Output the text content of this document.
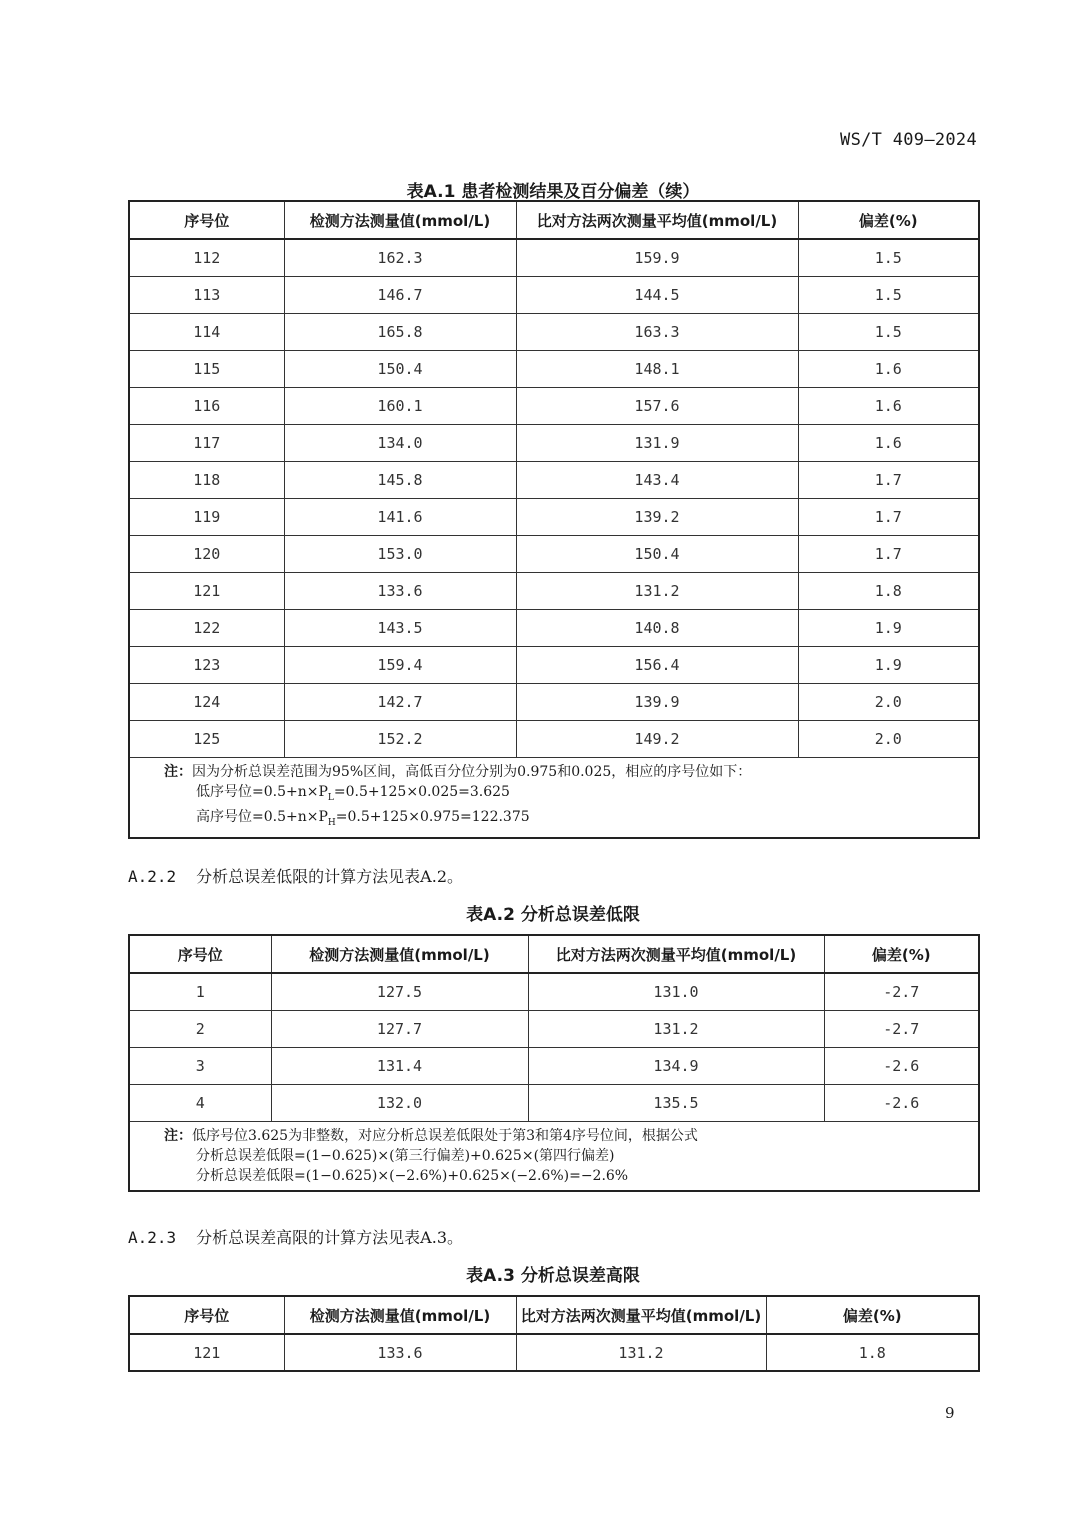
WS/T 409—2024
表A.1 患者检测结果及百分偏差（续）
序号位	检测方法测量值(mmol/L)	比对方法两次测量平均值(mmol/L)	偏差(%)
112	162.3	159.9	1.5
113	146.7	144.5	1.5
114	165.8	163.3	1.5
115	150.4	148.1	1.6
116	160.1	157.6	1.6
117	134.0	131.9	1.6
118	145.8	143.4	1.7
119	141.6	139.2	1.7
120	153.0	150.4	1.7
121	133.6	131.2	1.8
122	143.5	140.8	1.9
123	159.4	156.4	1.9
124	142.7	139.9	2.0
125	152.2	149.2	2.0

注：因为分析总误差范围为95%区间，高低百分位分别为0.975和0.025，相应的序号位如下：
低序号位$=0.5+n\times P_L=0.5+125\times 0.025=3.625$
高序号位$=0.5+n\times P_H=0.5+125\times 0.975=122.375$			
A.2.2 分析总误差低限的计算方法见表A.2。
表A.2 分析总误差低限
序号位	检测方法测量值(mmol/L)	比对方法两次测量平均值(mmol/L)	偏差(%)
1	127.5	131.0	-2.7
2	127.7	131.2	-2.7
3	131.4	134.9	-2.6
4	132.0	135.5	-2.6

注：低序号位3.625为非整数，对应分析总误差低限处于第3和第4序号位间，根据公式
分析总误差低限=(1−0.625)×(第三行偏差)+0.625×(第四行偏差)
分析总误差低限=(1−0.625)×(−2.6%)+0.625×(−2.6%)=−2.6%			
A.2.3 分析总误差高限的计算方法见表A.3。
表A.3 分析总误差高限
序号位	检测方法测量值(mmol/L)	比对方法两次测量平均值(mmol/L)	偏差(%)
121	133.6	131.2	1.8
9
